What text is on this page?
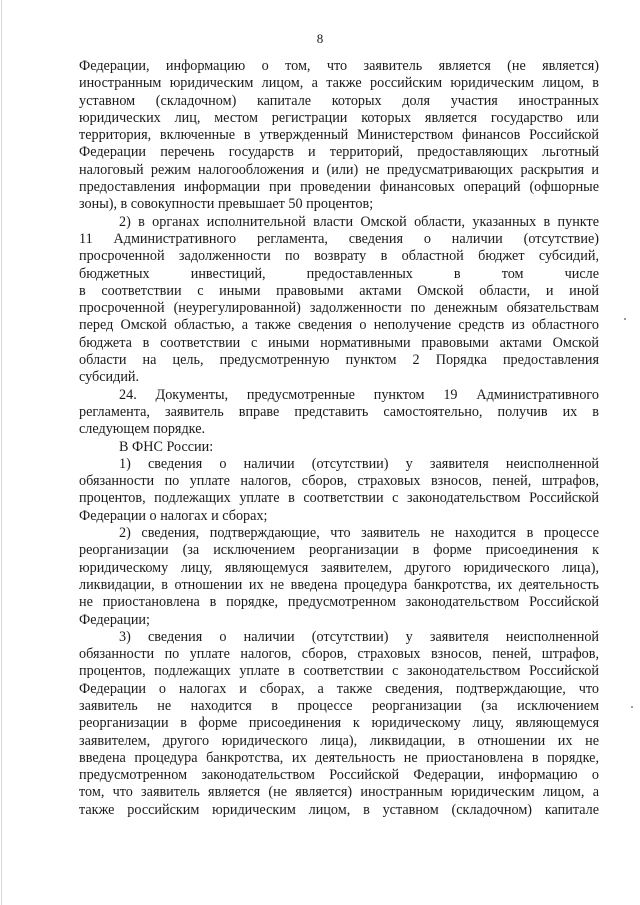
8
Федерации, информацию о том, что заявитель является (не является)
иностранным юридическим лицом, а также российским юридическим лицом, в
уставном (складочном) капитале которых доля участия иностранных
юридических лиц, местом регистрации которых является государство или
территория, включенные в утвержденный Министерством финансов Российской
Федерации перечень государств и территорий, предоставляющих льготный
налоговый режим налогообложения и (или) не предусматривающих раскрытия и
предоставления информации при проведении финансовых операций (офшорные
зоны), в совокупности превышает 50 процентов;
2) в органах исполнительной власти Омской области, указанных в пункте
11 Административного регламента, сведения о наличии (отсутствие)
просроченной задолженности по возврату в областной бюджет субсидий,
бюджетных инвестиций, предоставленных в том числе
в соответствии с иными правовыми актами Омской области, и иной
просроченной (неурегулированной) задолженности по денежным обязательствам
перед Омской областью, а также сведения о неполучение средств из областного
бюджета в соответствии с иными нормативными правовыми актами Омской
области на цель, предусмотренную пунктом 2 Порядка предоставления
субсидий.
24. Документы, предусмотренные пунктом 19 Административного
регламента, заявитель вправе представить самостоятельно, получив их в
следующем порядке.
В ФНС России:
1) сведения о наличии (отсутствии) у заявителя неисполненной
обязанности по уплате налогов, сборов, страховых взносов, пеней, штрафов,
процентов, подлежащих уплате в соответствии с законодательством Российской
Федерации о налогах и сборах;
2) сведения, подтверждающие, что заявитель не находится в процессе
реорганизации (за исключением реорганизации в форме присоединения к
юридическому лицу, являющемуся заявителем, другого юридического лица),
ликвидации, в отношении их не введена процедура банкротства, их деятельность
не приостановлена в порядке, предусмотренном законодательством Российской
Федерации;
3) сведения о наличии (отсутствии) у заявителя неисполненной
обязанности по уплате налогов, сборов, страховых взносов, пеней, штрафов,
процентов, подлежащих уплате в соответствии с законодательством Российской
Федерации о налогах и сборах, а также сведения, подтверждающие, что
заявитель не находится в процессе реорганизации (за исключением
реорганизации в форме присоединения к юридическому лицу, являющемуся
заявителем, другого юридического лица), ликвидации, в отношении их не
введена процедура банкротства, их деятельность не приостановлена в порядке,
предусмотренном законодательством Российской Федерации, информацию о
том, что заявитель является (не является) иностранным юридическим лицом, а
также российским юридическим лицом, в уставном (складочном) капитале
